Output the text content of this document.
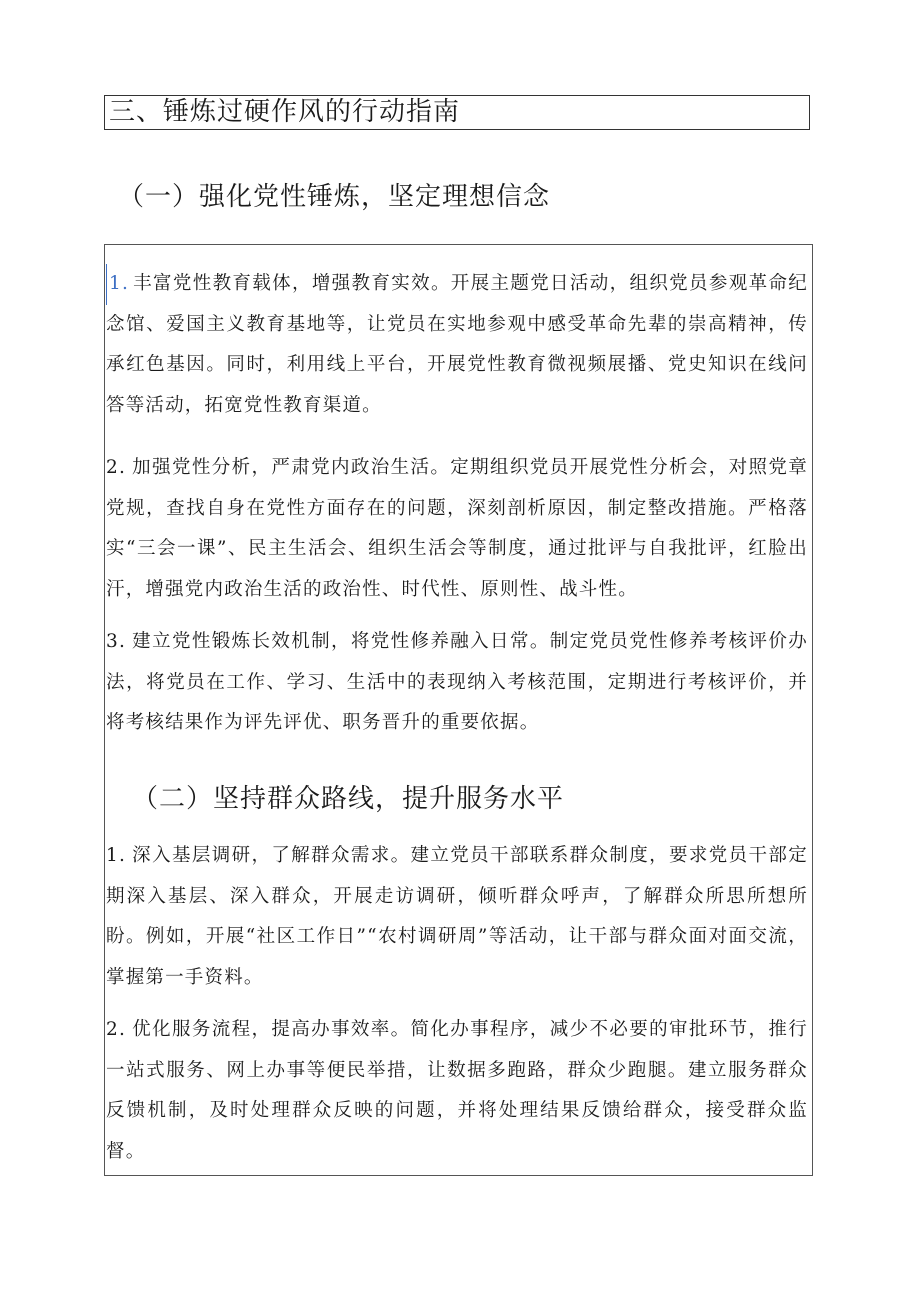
三、锤炼过硬作风的行动指南
（一）强化党性锤炼，坚定理想信念
1. 丰富党性教育载体，增强教育实效。开展主题党日活动，组织党员参观革命纪念馆、爱国主义教育基地等，让党员在实地参观中感受革命先辈的崇高精神，传承红色基因。同时，利用线上平台，开展党性教育微视频展播、党史知识在线问答等活动，拓宽党性教育渠道。
2. 加强党性分析，严肃党内政治生活。定期组织党员开展党性分析会，对照党章党规，查找自身在党性方面存在的问题，深刻剖析原因，制定整改措施。严格落实“三会一课”、民主生活会、组织生活会等制度，通过批评与自我批评，红脸出汗，增强党内政治生活的政治性、时代性、原则性、战斗性。
3. 建立党性锻炼长效机制，将党性修养融入日常。制定党员党性修养考核评价办法，将党员在工作、学习、生活中的表现纳入考核范围，定期进行考核评价，并将考核结果作为评先评优、职务晋升的重要依据。
（二）坚持群众路线，提升服务水平
1. 深入基层调研，了解群众需求。建立党员干部联系群众制度，要求党员干部定期深入基层、深入群众，开展走访调研，倾听群众呼声，了解群众所思所想所盼。例如，开展“社区工作日”“农村调研周”等活动，让干部与群众面对面交流，掌握第一手资料。
2. 优化服务流程，提高办事效率。简化办事程序，减少不必要的审批环节，推行一站式服务、网上办事等便民举措，让数据多跑路，群众少跑腿。建立服务群众反馈机制，及时处理群众反映的问题，并将处理结果反馈给群众，接受群众监督。
